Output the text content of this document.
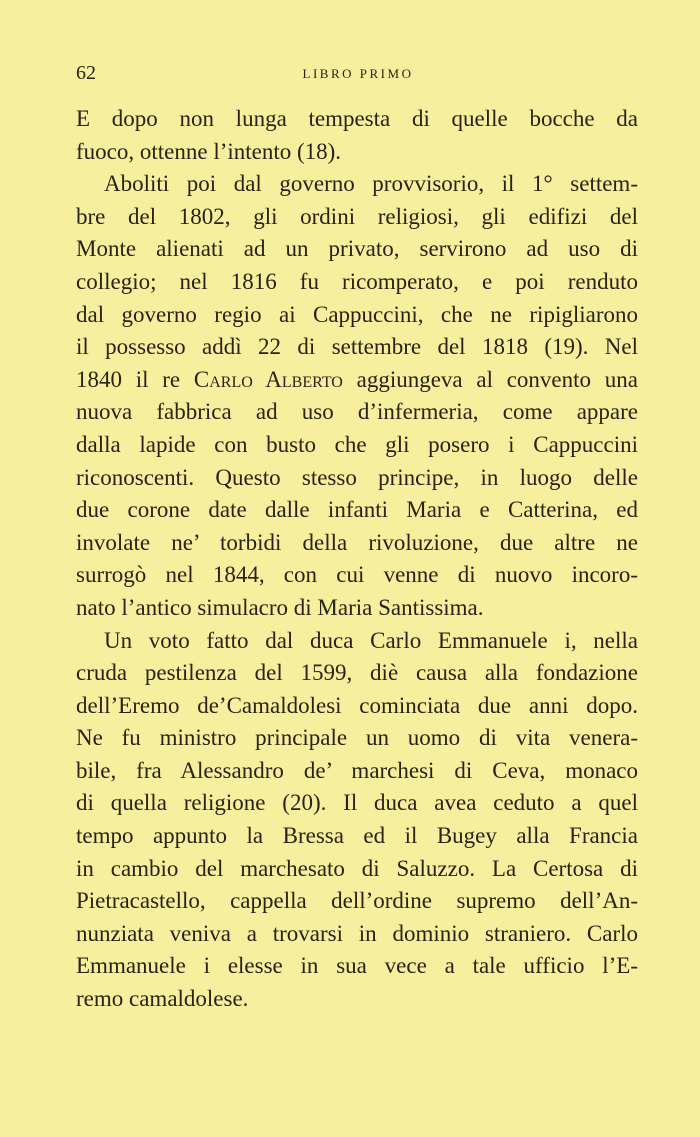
62	LIBRO PRIMO
E dopo non lunga tempesta di quelle bocche da
fuoco, ottenne l’intento (18).
Aboliti poi dal governo provvisorio, il 1° settem-
bre del 1802, gli ordini religiosi, gli edifizi del
Monte alienati ad un privato, servirono ad uso di
collegio; nel 1816 fu ricomperato, e poi renduto
dal governo regio ai Cappuccini, che ne ripigliarono
il possesso addì 22 di settembre del 1818 (19). Nel
1840 il re Carlo Alberto aggiungeva al convento una
nuova fabbrica ad uso d’infermeria, come appare
dalla lapide con busto che gli posero i Cappuccini
riconoscenti. Questo stesso principe, in luogo delle
due corone date dalle infanti Maria e Catterina, ed
involate ne’ torbidi della rivoluzione, due altre ne
surrogò nel 1844, con cui venne di nuovo incoro-
nato l’antico simulacro di Maria Santissima.
Un voto fatto dal duca Carlo Emmanuele i, nella
cruda pestilenza del 1599, diè causa alla fondazione
dell’Eremo de’Camaldolesi cominciata due anni dopo.
Ne fu ministro principale un uomo di vita venera-
bile, fra Alessandro de’ marchesi di Ceva, monaco
di quella religione (20). Il duca avea ceduto a quel
tempo appunto la Bressa ed il Bugey alla Francia
in cambio del marchesato di Saluzzo. La Certosa di
Pietracastello, cappella dell’ordine supremo dell’An-
nunziata veniva a trovarsi in dominio straniero. Carlo
Emmanuele i elesse in sua vece a tale ufficio l’E-
remo camaldolese.
